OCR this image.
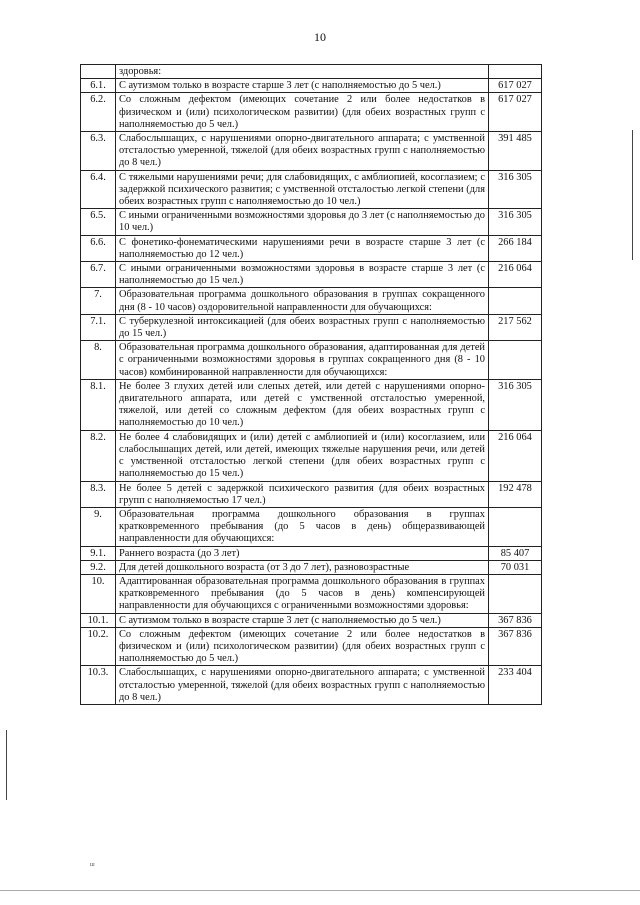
10
	здоровья:	
6.1.	С аутизмом только в возрасте старше 3 лет (с наполняемостью до 5 чел.)	617 027
6.2.	Со сложным дефектом (имеющих сочетание 2 или более недостатков в физическом и (или) психологическом развитии) (для обеих возрастных групп с наполняемостью до 5 чел.)	617 027
6.3.	Слабослышащих, с нарушениями опорно-двигательного аппарата; с умственной отсталостью умеренной, тяжелой (для обеих возрастных групп с наполняемостью до 8 чел.)	391 485
6.4.	С тяжелыми нарушениями речи; для слабовидящих, с амблиопией, косоглазием; с задержкой психического развития; с умственной отсталостью легкой степени (для обеих возрастных групп с наполняемостью до 10 чел.)	316 305
6.5.	С иными ограниченными возможностями здоровья до 3 лет (с наполняемостью до 10 чел.)	316 305
6.6.	С фонетико-фонематическими нарушениями речи в возрасте старше 3 лет (с наполняемостью до 12 чел.)	266 184
6.7.	С иными ограниченными возможностями здоровья в возрасте старше 3 лет (с наполняемостью до 15 чел.)	216 064
7.	Образовательная программа дошкольного образования в группах сокращенного дня (8 - 10 часов) оздоровительной направленности для обучающихся:	
7.1.	С туберкулезной интоксикацией (для обеих возрастных групп с наполняемостью до 15 чел.)	217 562
8.	Образовательная программа дошкольного образования, адаптированная для детей с ограниченными возможностями здоровья в группах сокращенного дня (8 - 10 часов) комбинированной направленности для обучающихся:	
8.1.	Не более 3 глухих детей или слепых детей, или детей с нарушениями опорно-двигательного аппарата, или детей с умственной отсталостью умеренной, тяжелой, или детей со сложным дефектом (для обеих возрастных групп с наполняемостью до 10 чел.)	316 305
8.2.	Не более 4 слабовидящих и (или) детей с амблиопией и (или) косоглазием, или слабослышащих детей, или детей, имеющих тяжелые нарушения речи, или детей с умственной отсталостью легкой степени (для обеих возрастных групп с наполняемостью до 15 чел.)	216 064
8.3.	Не более 5 детей с задержкой психического развития (для обеих возрастных групп с наполняемостью 17 чел.)	192 478
9.	Образовательная программа дошкольного образования в группах кратковременного пребывания (до 5 часов в день) общеразвивающей направленности для обучающихся:	
9.1.	Раннего возраста (до 3 лет)	85 407
9.2.	Для детей дошкольного возраста (от 3 до 7 лет), разновозрастные	70 031
10.	Адаптированная образовательная программа дошкольного образования в группах кратковременного пребывания (до 5 часов в день) компенсирующей направленности для обучающихся с ограниченными возможностями здоровья:	
10.1.	С аутизмом только в возрасте старше 3 лет (с наполняемостью до 5 чел.)	367 836
10.2.	Со сложным дефектом (имеющих сочетание 2 или более недостатков в физическом и (или) психологическом развитии) (для обеих возрастных групп с наполняемостью до 5 чел.)	367 836
10.3.	Слабослышащих, с нарушениями опорно-двигательного аппарата; с умственной отсталостью умеренной, тяжелой (для обеих возрастных групп с наполняемостью до 8 чел.)	233 404
ш
